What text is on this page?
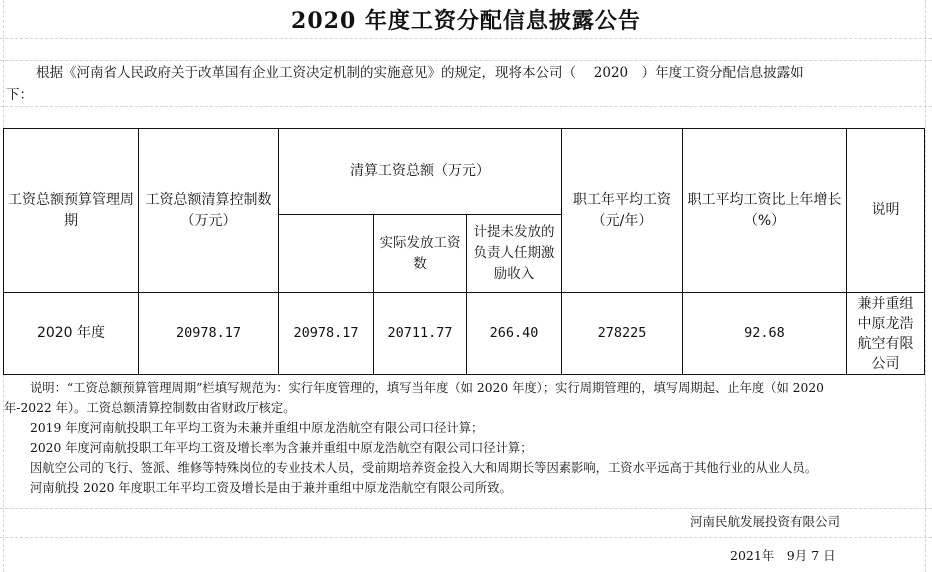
2020 年度工资分配信息披露公告
根据《河南省人民政府关于改革国有企业工资决定机制的实施意见》的规定，现将本公司（　 2020　）年度工资分配信息披露如
下：
工资总额预算管理周期	工资总额清算控制数（万元）	清算工资总额（万元）			职工年平均工资（元/年）	职工平均工资比上年增长（%）	说明
			实际发放工资数	计提未发放的负责人任期激励收入			
2020 年度	20978.17	20978.17	20711.77	266.40	278225	92.68	兼并重组中原龙浩航空有限公司
说明：“工资总额预算管理周期”栏填写规范为：实行年度管理的，填写当年度（如 2020 年度）；实行周期管理的，填写周期起、止年度（如 2020
年-2022 年）。工资总额清算控制数由省财政厅核定。
2019 年度河南航投职工年平均工资为未兼并重组中原龙浩航空有限公司口径计算；
2020 年度河南航投职工年平均工资及增长率为含兼并重组中原龙浩航空有限公司口径计算；
因航空公司的飞行、签派、维修等特殊岗位的专业技术人员，受前期培养资金投入大和周期长等因素影响，工资水平远高于其他行业的从业人员。
河南航投 2020 年度职工年平均工资及增长是由于兼并重组中原龙浩航空有限公司所致。
河南民航发展投资有限公司
2021年　9月 7 日
